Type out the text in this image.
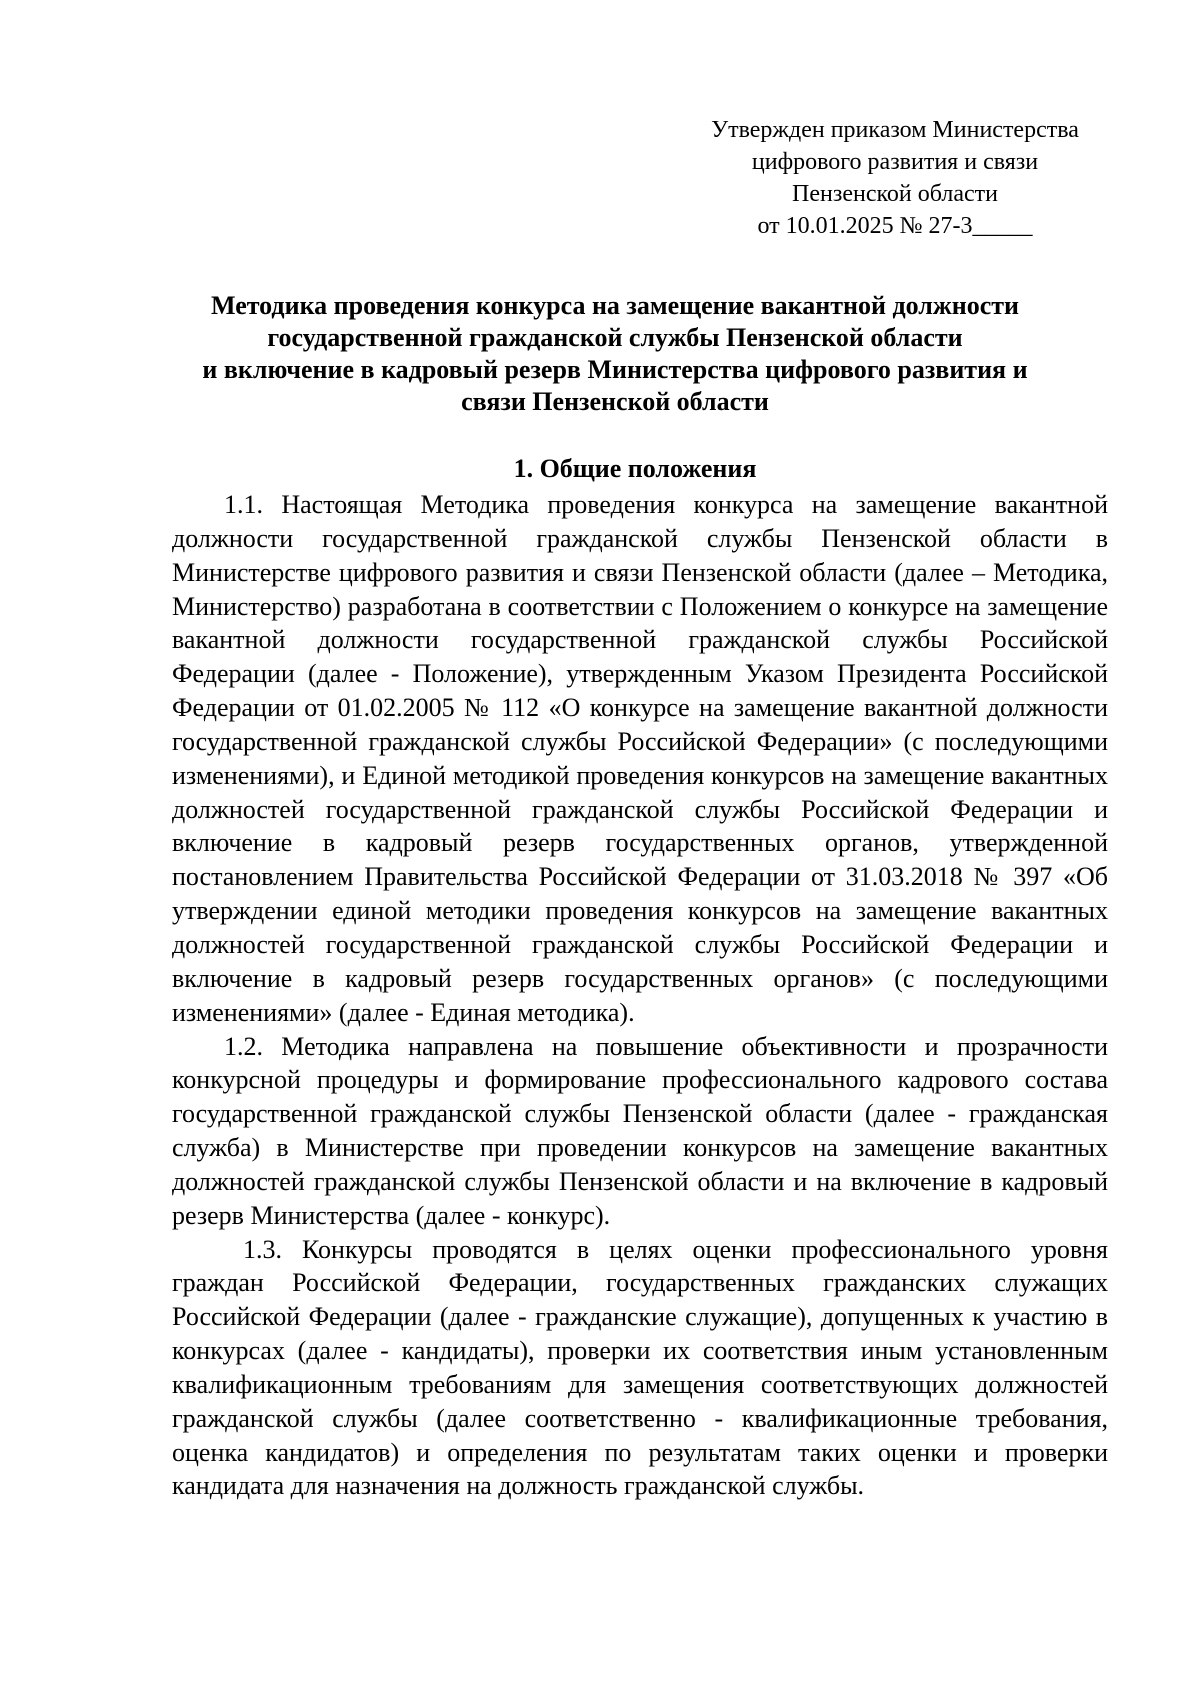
Утвержден приказом Министерства
цифрового развития и связи
Пензенской области
от 10.01.2025 № 27-3_____
Методика проведения конкурса на замещение вакантной должности
государственной гражданской службы Пензенской области
и включение в кадровый резерв Министерства цифрового развития и
связи Пензенской области
1. Общие положения

1.1. Настоящая Методика проведения конкурса на замещение вакантной должности государственной гражданской службы Пензенской области в Министерстве цифрового развития и связи Пензенской области (далее – Методика, Министерство) разработана в соответствии с Положением о конкурсе на замещение вакантной должности государственной гражданской службы Российской Федерации (далее - Положение), утвержденным Указом Президента Российской Федерации от 01.02.2005 № 112 «О конкурсе на замещение вакантной должности государственной гражданской службы Российской Федерации» (с последующими изменениями), и Единой методикой проведения конкурсов на замещение вакантных должностей государственной гражданской службы Российской Федерации и включение в кадровый резерв государственных органов, утвержденной постановлением Правительства Российской Федерации от 31.03.2018 № 397 «Об утверждении единой методики проведения конкурсов на замещение вакантных должностей государственной гражданской службы Российской Федерации и включение в кадровый резерв государственных органов» (с последующими изменениями» (далее - Единая методика).

1.2. Методика направлена на повышение объективности и прозрачности конкурсной процедуры и формирование профессионального кадрового состава государственной гражданской службы Пензенской области (далее - гражданская служба) в Министерстве при проведении конкурсов на замещение вакантных должностей гражданской службы Пензенской области и на включение в кадровый резерв Министерства (далее - конкурс).

1.3. Конкурсы проводятся в целях оценки профессионального уровня граждан Российской Федерации, государственных гражданских служащих Российской Федерации (далее - гражданские служащие), допущенных к участию в конкурсах (далее - кандидаты), проверки их соответствия иным установленным квалификационным требованиям для замещения соответствующих должностей гражданской службы (далее соответственно - квалификационные требования, оценка кандидатов) и определения по результатам таких оценки и проверки кандидата для назначения на должность гражданской службы.
